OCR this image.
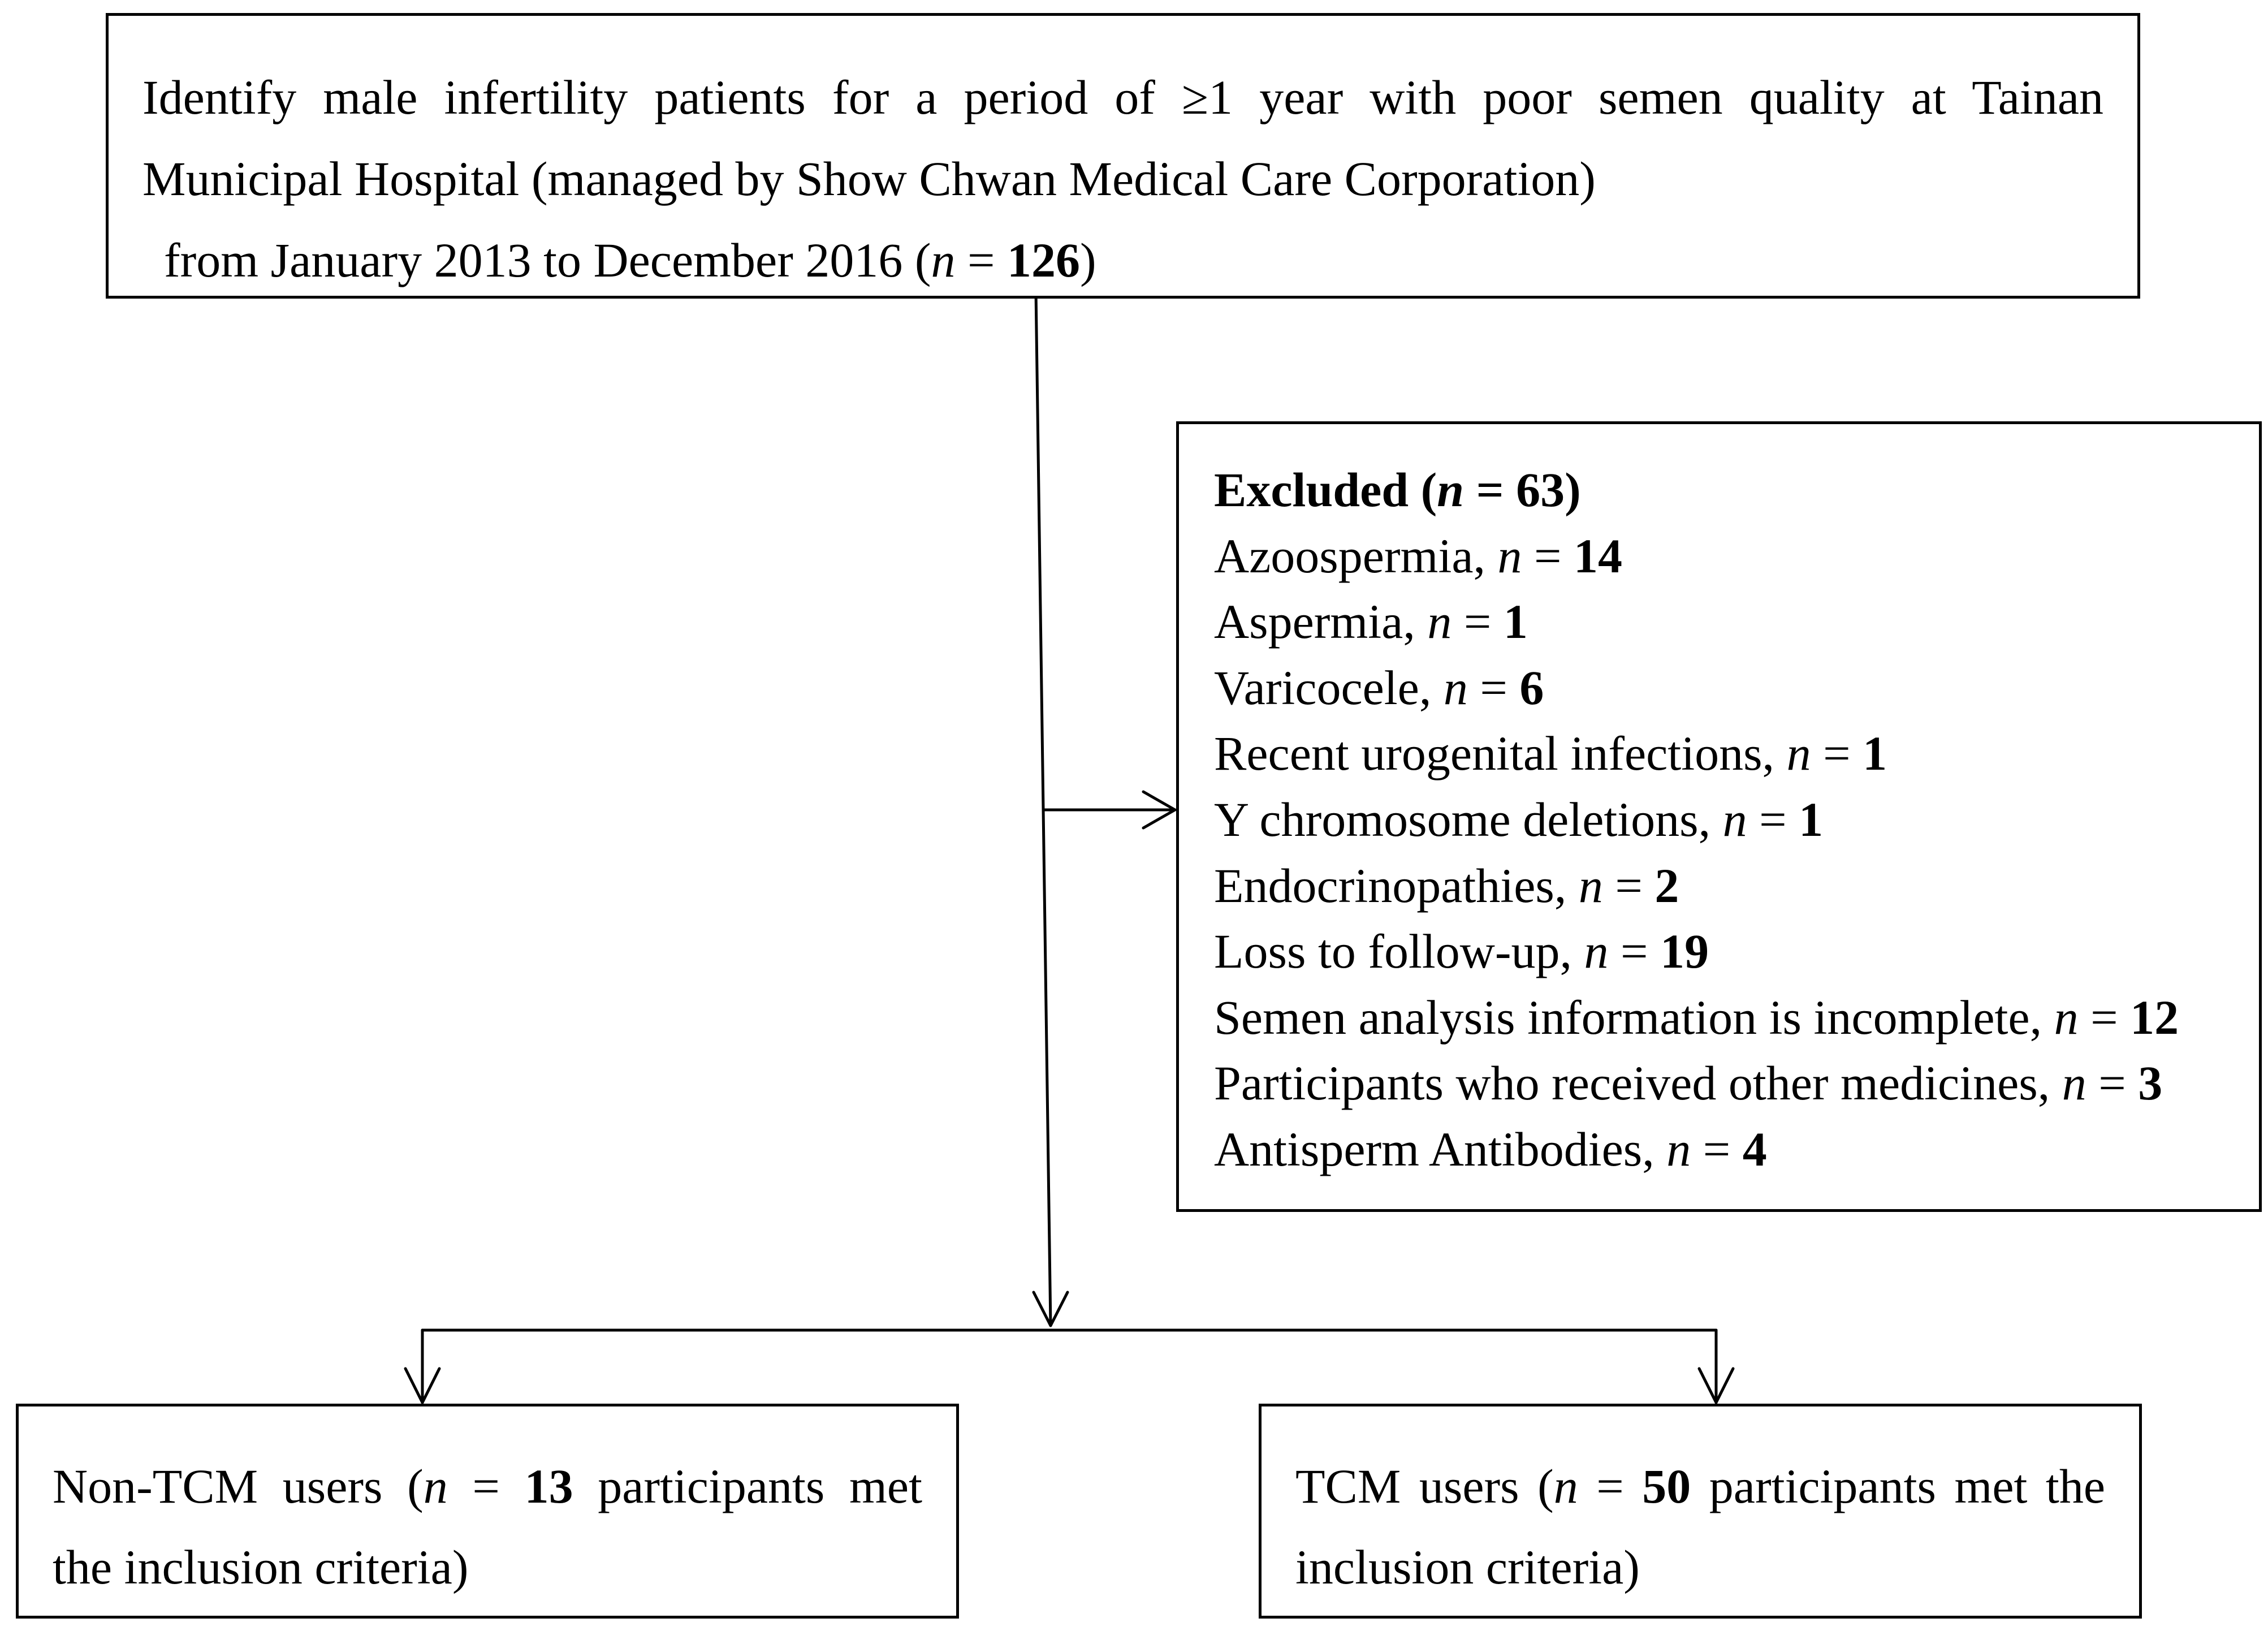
Identify male infertility patients for a period of ≥1 year with poor semen quality at Tainan
Municipal Hospital (managed by Show Chwan Medical Care Corporation)
from January 2013 to December 2016 (n = 126)
Excluded (n = 63)
Azoospermia, n = 14
Aspermia, n = 1
Varicocele, n = 6
Recent urogenital infections, n = 1
Y chromosome deletions, n = 1
Endocrinopathies, n = 2
Loss to follow-up, n = 19
Semen analysis information is incomplete, n = 12
Participants who received other medicines, n = 3
Antisperm Antibodies, n = 4
Non-TCM users (n = 13 participants met
the inclusion criteria)
TCM users (n = 50 participants met the
inclusion criteria)
